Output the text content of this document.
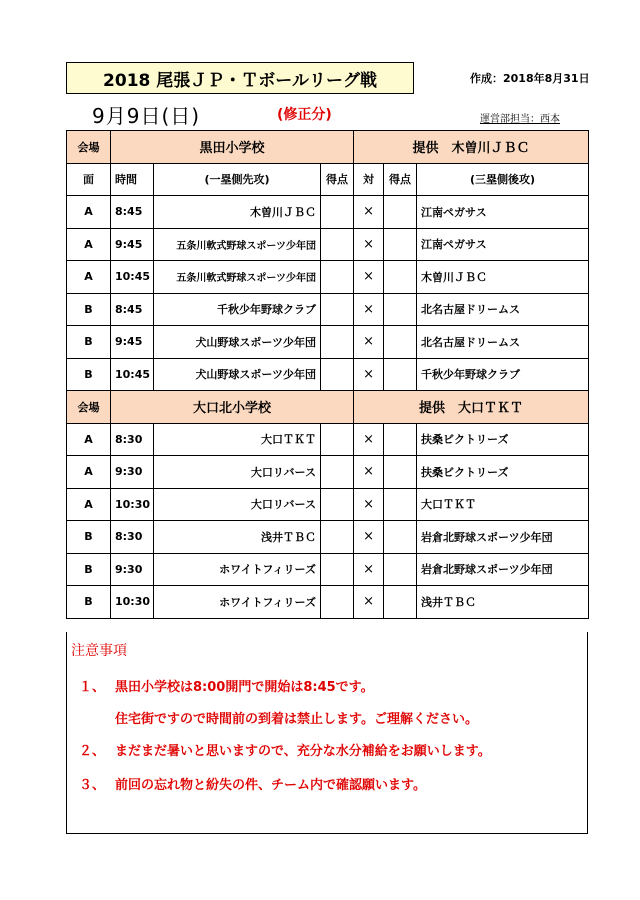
2018 尾張ＪＰ・Ｔボールリーグ戦	作成：2018年8月31日
9月9日(日)	(修正分)	運営部担当：西本
会場	黒田小学校			提供　木曽川ＪＢＣ		
面	時間	(一塁側先攻)	得点	対	得点	(三塁側後攻)
A	8:45	木曽川ＪＢＣ		×		江南ペガサス
A	9:45	五条川軟式野球スポーツ少年団		×		江南ペガサス
A	10:45	五条川軟式野球スポーツ少年団		×		木曽川ＪＢＣ
B	8:45	千秋少年野球クラブ		×		北名古屋ドリームス
B	9:45	犬山野球スポーツ少年団		×		北名古屋ドリームス
B	10:45	犬山野球スポーツ少年団		×		千秋少年野球クラブ
会場	大口北小学校			提供　大口ＴＫＴ		
A	8:30	大口ＴＫＴ		×		扶桑ビクトリーズ
A	9:30	大口リバース		×		扶桑ビクトリーズ
A	10:30	大口リバース		×		大口ＴＫＴ
B	8:30	浅井ＴＢＣ		×		岩倉北野球スポーツ少年団
B	9:30	ホワイトフィリーズ		×		岩倉北野球スポーツ少年団
B	10:30	ホワイトフィリーズ		×		浅井ＴＢＣ
注意事項
１、 黒田小学校は8:00開門で開始は8:45です。
住宅街ですので時間前の到着は禁止します。ご理解ください。
２、 まだまだ暑いと思いますので、充分な水分補給をお願いします。
３、 前回の忘れ物と紛失の件、チーム内で確認願います。
